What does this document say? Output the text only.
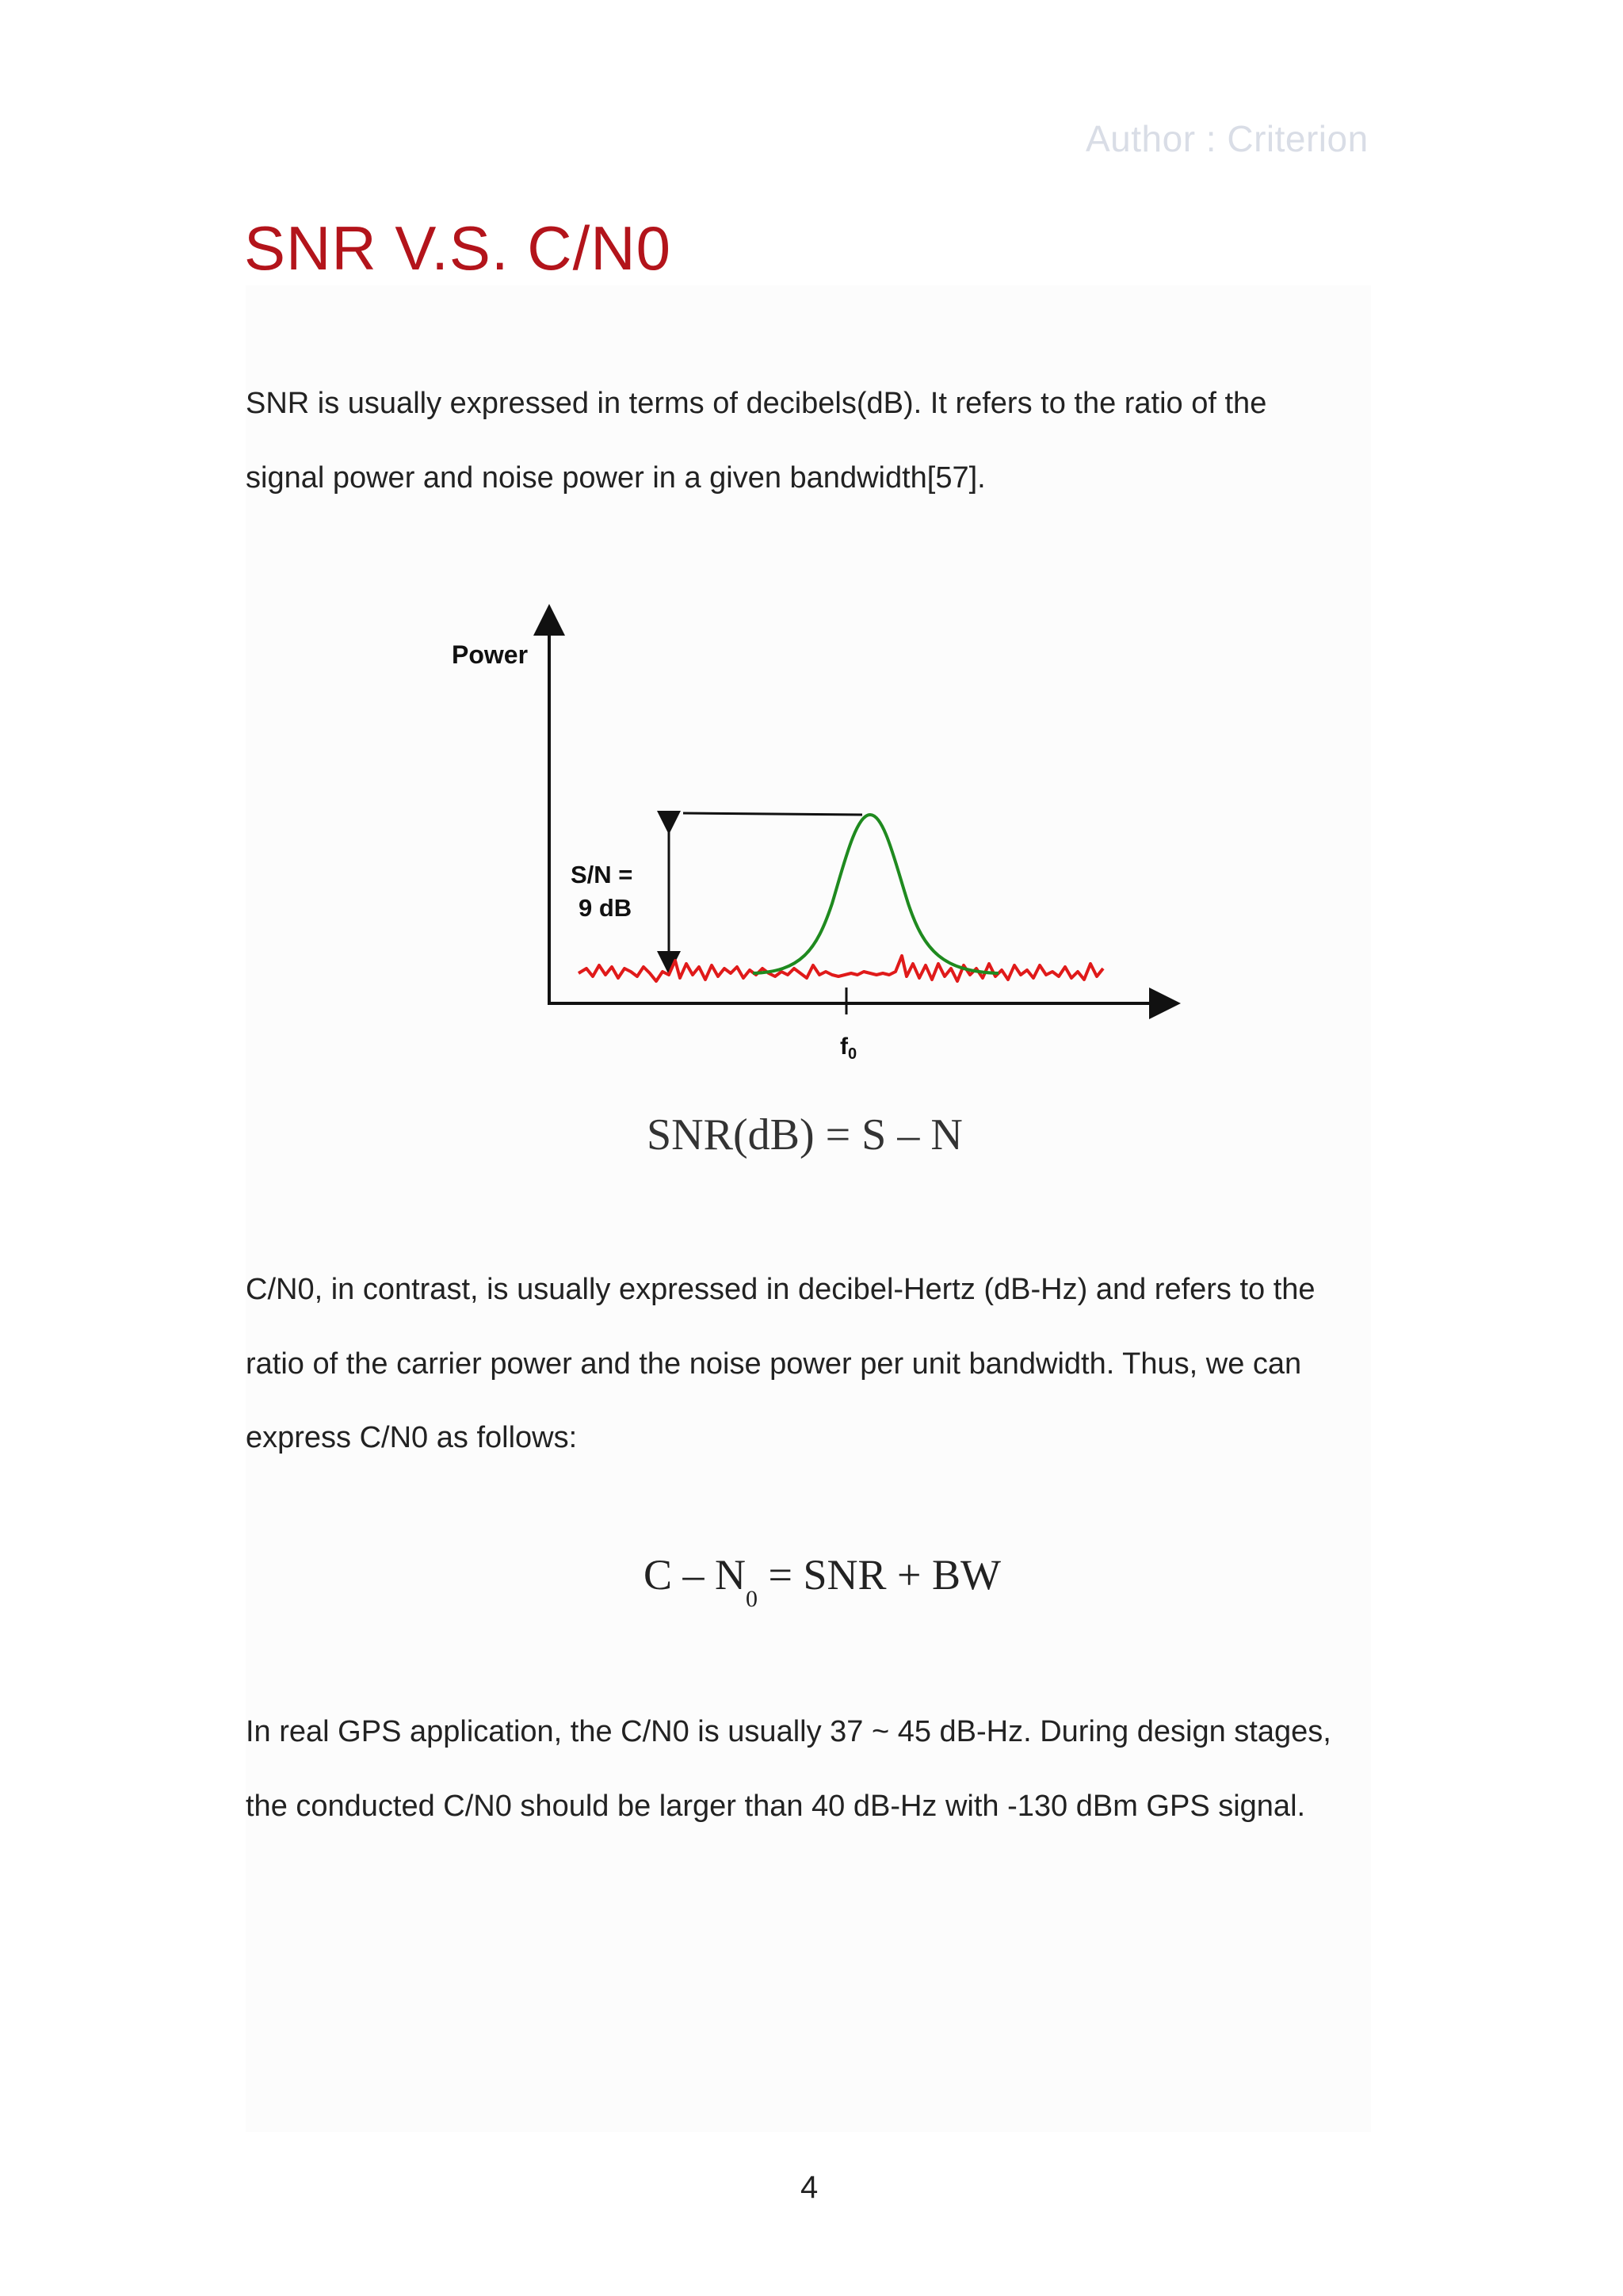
Author : Criterion
SNR V.S. C/N0
SNR is usually expressed in terms of decibels(dB). It refers to the ratio of the
signal power and noise power in a given bandwidth[57].
Power
S/N =
9 dB
$f_0$
SNR(dB) = S – N
C/N0, in contrast, is usually expressed in decibel-Hertz (dB-Hz) and refers to the
ratio of the carrier power and the noise power per unit bandwidth. Thus, we can
express C/N0 as follows:
C – $N_0$ = SNR + BW
In real GPS application, the C/N0 is usually 37 ~ 45 dB-Hz. During design stages,
the conducted C/N0 should be larger than 40 dB-Hz with -130 dBm GPS signal.
4
